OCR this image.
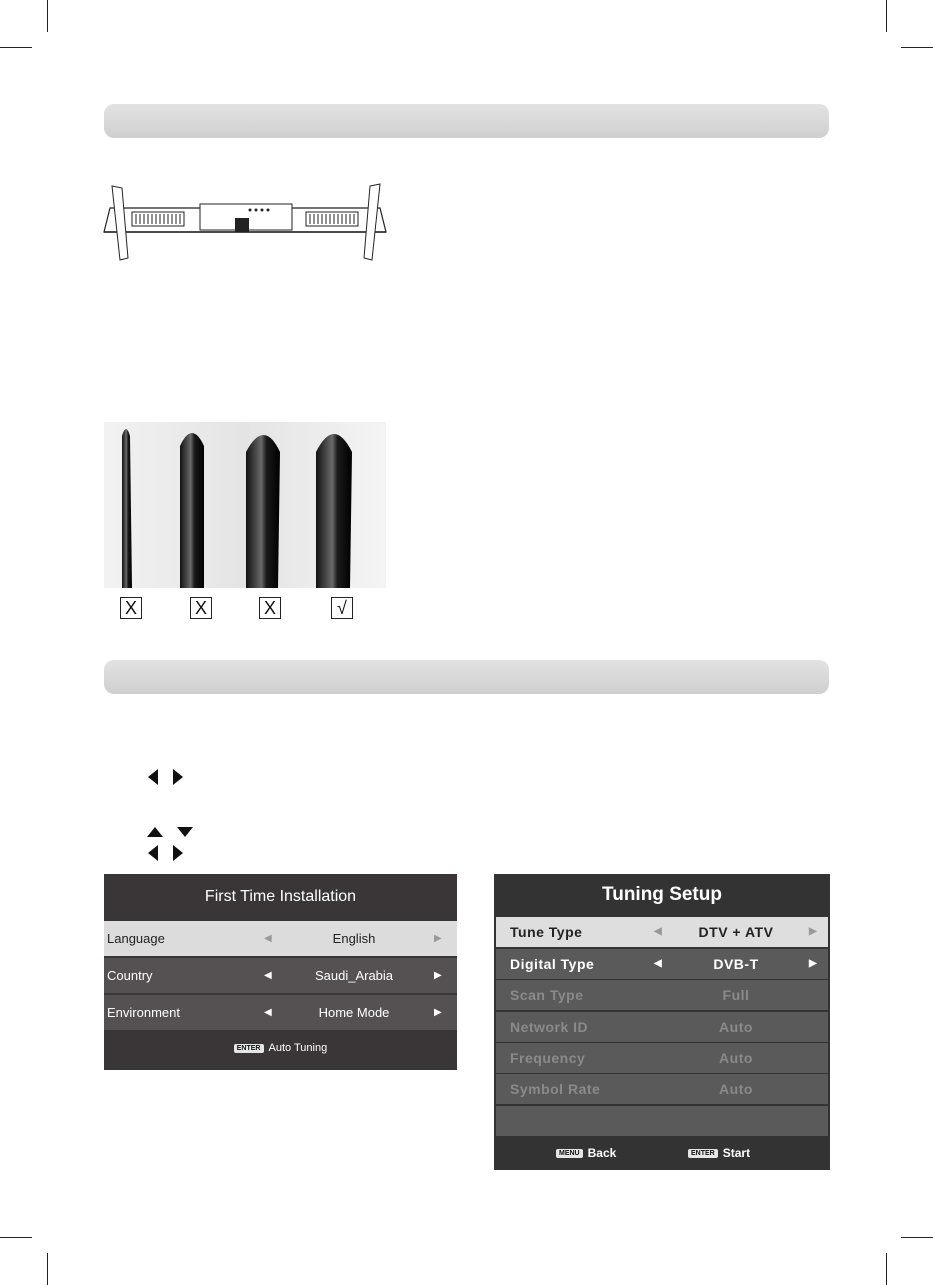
X	X	X	√
First Time Installation
Language	◀	English	▶
Country	◀	Saudi_Arabia	▶
Environment	◀	Home Mode	▶
ENTER Auto Tuning
Tuning Setup
Tune Type	◀	DTV + ATV	▶
Digital Type	◀	DVB-T	▶
Scan Type	Full
Network ID	Auto
Frequency	Auto
Symbol Rate	Auto
MENU Back	ENTER Start
